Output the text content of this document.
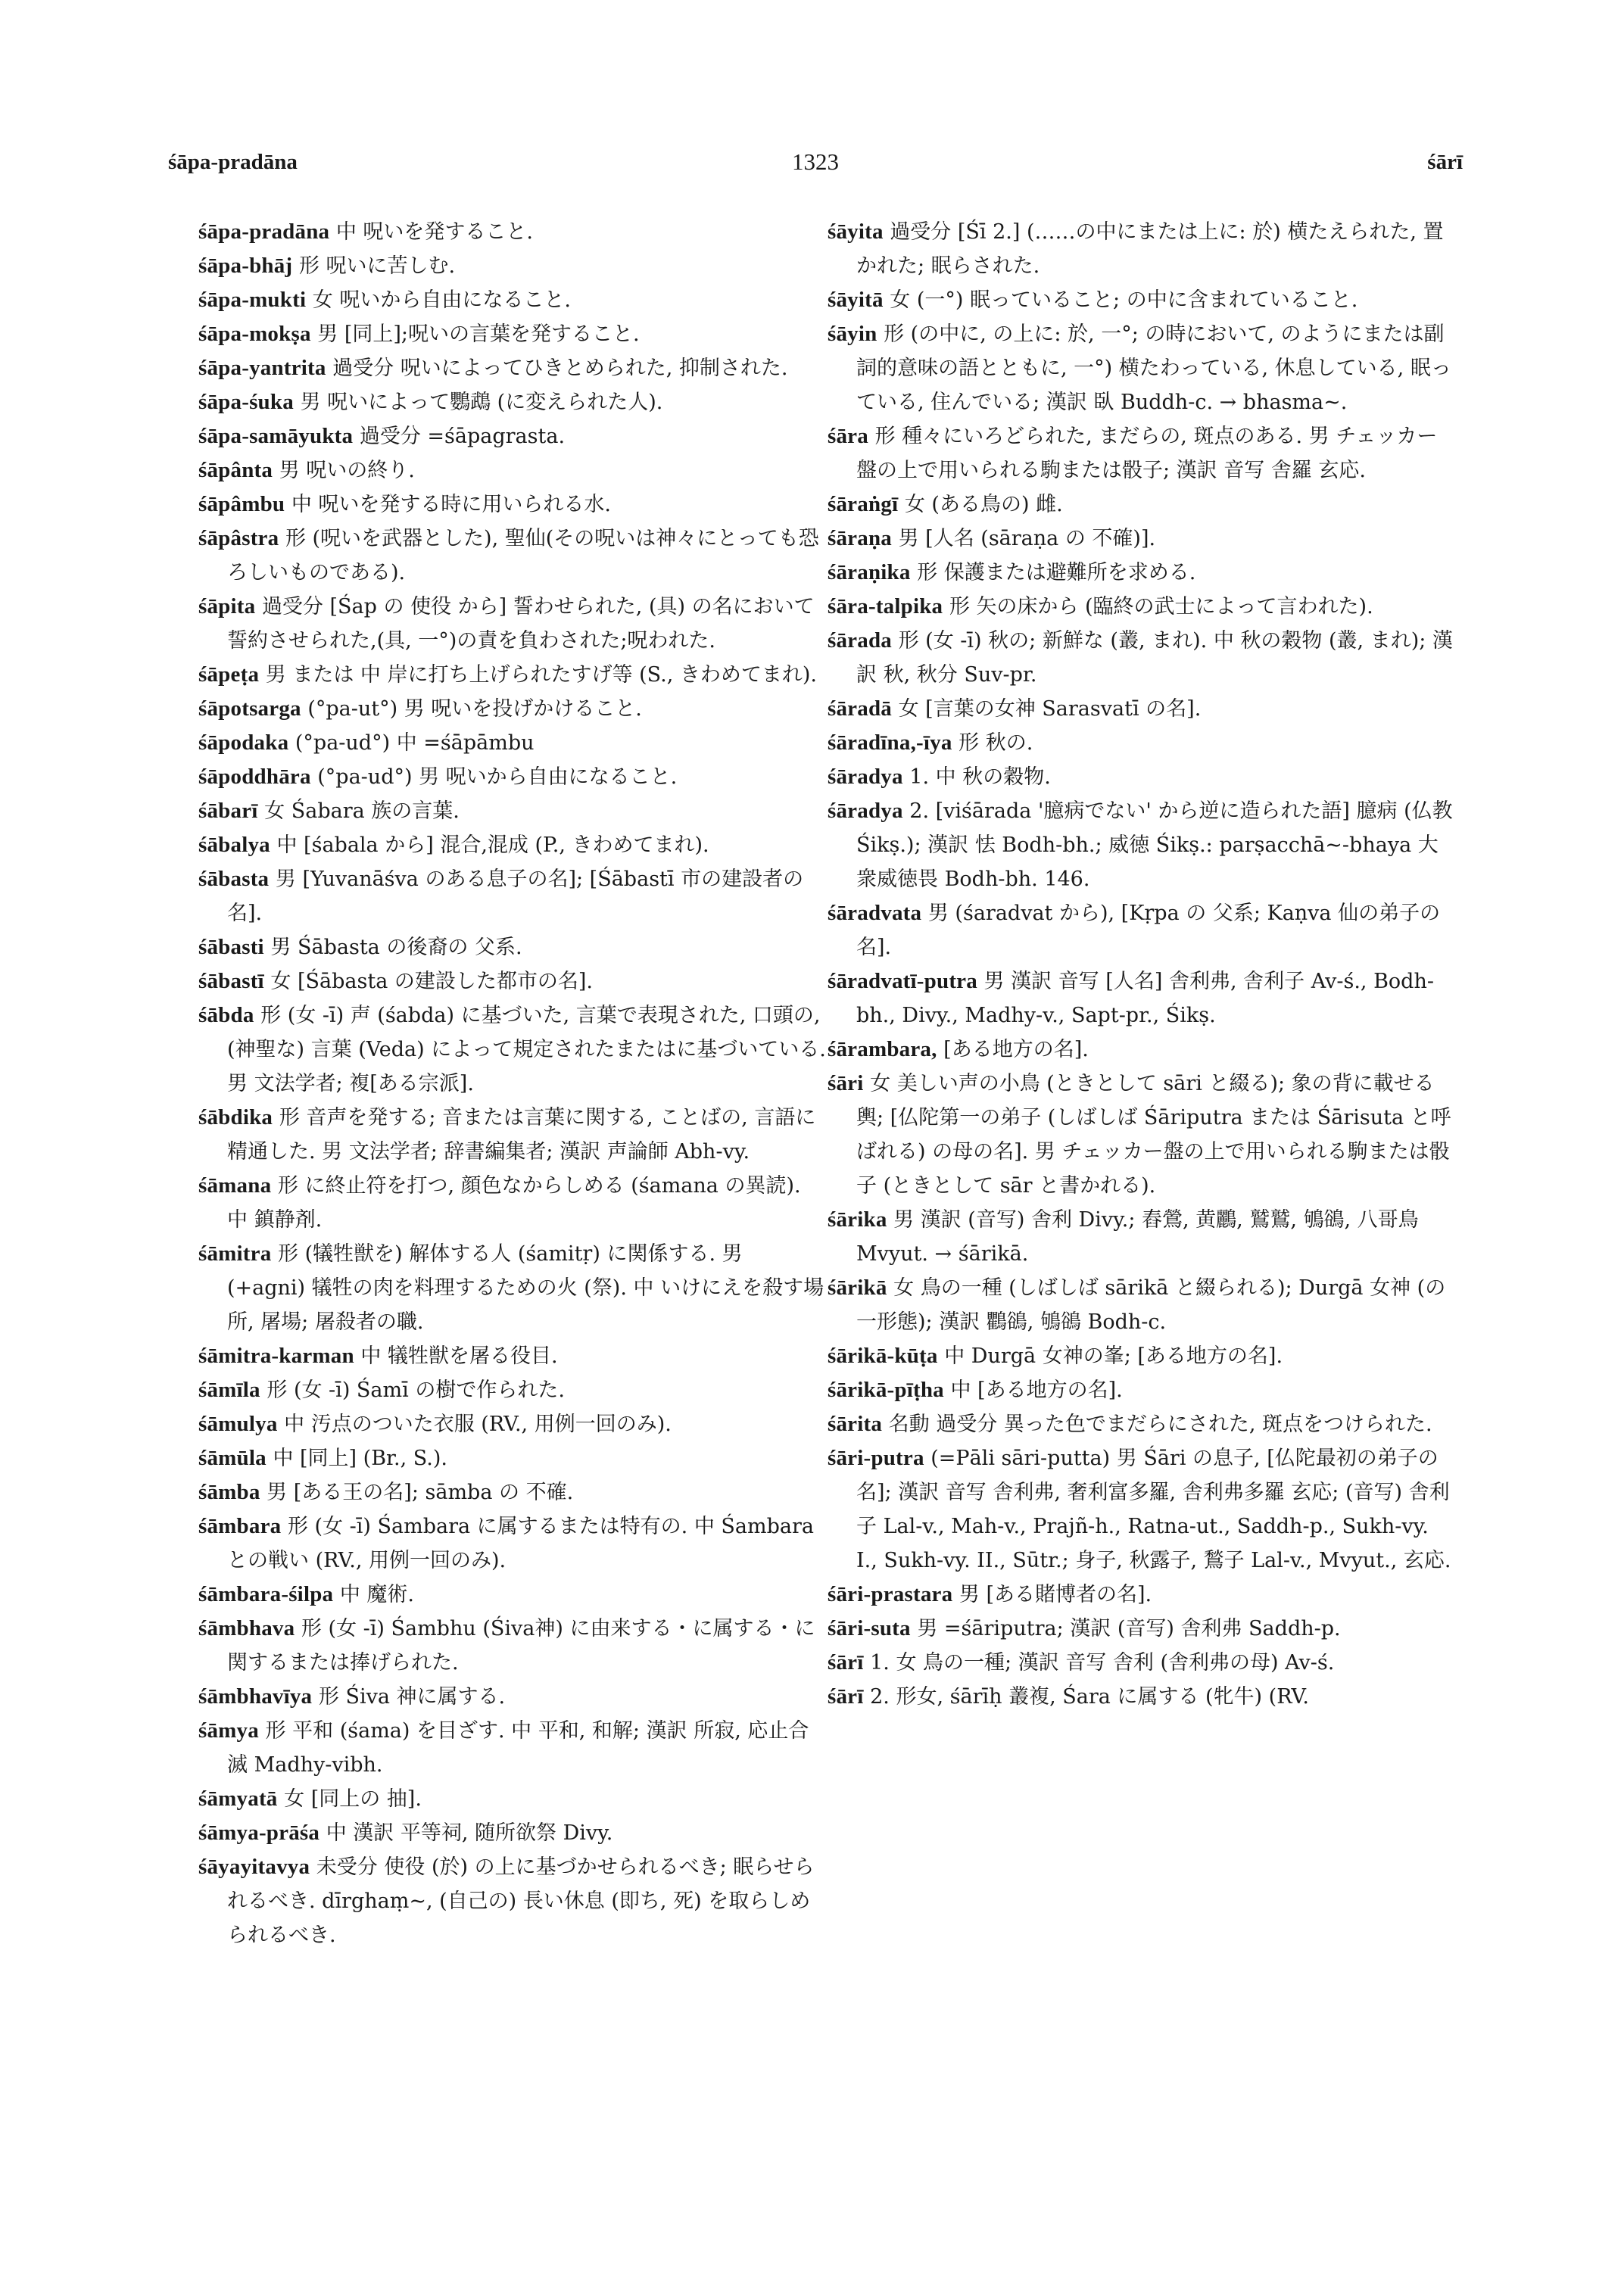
śāpa-pradāna	1323	śārī

śāpa-pradāna 中 呪いを発すること.

śāpa-bhāj 形 呪いに苦しむ.

śāpa-mukti 女 呪いから自由になること.

śāpa-mokṣa 男 [同上];呪いの言葉を発すること.

śāpa-yantrita 過受分 呪いによってひきとめられた, 抑制された.

śāpa-śuka 男 呪いによって鸚鵡 (に変えられた人).

śāpa-samāyukta 過受分 =śāpagrasta.

śāpânta 男 呪いの終り.

śāpâmbu 中 呪いを発する時に用いられる水.

śāpâstra 形 (呪いを武器とした), 聖仙(その呪いは神々にとっても恐ろしいものである).

śāpita 過受分 [Śap の 使役 から] 誓わせられた, (具) の名において誓約させられた,(具, 一°)の責を負わされた;呪われた.

śāpeṭa 男 または 中 岸に打ち上げられたすげ等 (S., きわめてまれ).

śāpotsarga (°pa-ut°) 男 呪いを投げかけること.

śāpodaka (°pa-ud°) 中 =śāpāmbu

śāpoddhāra (°pa-ud°) 男 呪いから自由になること.

śābarī 女 Śabara 族の言葉.

śābalya 中 [śabala から] 混合,混成 (P., きわめてまれ).

śābasta 男 [Yuvanāśva のある息子の名]; [Śābastī 市の建設者の名].

śābasti 男 Śābasta の後裔の 父系.

śābastī 女 [Śābasta の建設した都市の名].

śābda 形 (女 -ī) 声 (śabda) に基づいた, 言葉で表現された, 口頭の, (神聖な) 言葉 (Veda) によって規定されたまたはに基づいている. 男 文法学者; 複[ある宗派].

śābdika 形 音声を発する; 音または言葉に関する, ことばの, 言語に精通した. 男 文法学者; 辞書編集者; 漢訳 声論師 Abh-vy.

śāmana 形 に終止符を打つ, 顔色なからしめる (śamana の異読). 中 鎮静剤.

śāmitra 形 (犠牲獣を) 解体する人 (śamitṛ) に関係する. 男 (+agni) 犠牲の肉を料理するための火 (祭). 中 いけにえを殺す場所, 屠場; 屠殺者の職.

śāmitra-karman 中 犠牲獣を屠る役目.

śāmīla 形 (女 -ī) Śamī の樹で作られた.

śāmulya 中 汚点のついた衣服 (RV., 用例一回のみ).

śāmūla 中 [同上] (Br., S.).

śāmba 男 [ある王の名]; sāmba の 不確.

śāmbara 形 (女 -ī) Śambara に属するまたは特有の. 中 Śambara との戦い (RV., 用例一回のみ).

śāmbara-śilpa 中 魔術.

śāmbhava 形 (女 -ī) Śambhu (Śiva神) に由来する・に属する・に関するまたは捧げられた.

śāmbhavīya 形 Śiva 神に属する.

śāmya 形 平和 (śama) を目ざす. 中 平和, 和解; 漢訳 所寂, 応止合滅 Madhy-vibh.

śāmyatā 女 [同上の 抽].

śāmya-prāśa 中 漢訳 平等祠, 随所欲祭 Divy.

śāyayitavya 未受分 使役 (於) の上に基づかせられるべき; 眠らせられるべき. dīrghaṃ~, (自己の) 長い休息 (即ち, 死) を取らしめられるべき.

śāyita 過受分 [Śī 2.] (……の中にまたは上に: 於) 横たえられた, 置かれた; 眠らされた.

śāyitā 女 (一°) 眠っていること; の中に含まれていること.

śāyin 形 (の中に, の上に: 於, 一°; の時において, のようにまたは副詞的意味の語とともに, 一°) 横たわっている, 休息している, 眠っている, 住んでいる; 漢訳 臥 Buddh-c. → bhasma~.

śāra 形 種々にいろどられた, まだらの, 斑点のある. 男 チェッカー盤の上で用いられる駒または骰子; 漢訳 音写 舎羅 玄応.

śāraṅgī 女 (ある鳥の) 雌.

śāraṇa 男 [人名 (sāraṇa の 不確)].

śāraṇika 形 保護または避難所を求める.

śāra-talpika 形 矢の床から (臨終の武士によって言われた).

śārada 形 (女 -ī) 秋の; 新鮮な (叢, まれ). 中 秋の穀物 (叢, まれ); 漢訳 秋, 秋分 Suv-pr.

śāradā 女 [言葉の女神 Sarasvatī の名].

śāradīna,-īya 形 秋の.

śāradya 1. 中 秋の穀物.

śāradya 2. [viśārada '臆病でない' から逆に造られた語] 臆病 (仏教 Śikṣ.); 漢訳 怯 Bodh-bh.; 威徳 Śikṣ.: parṣacchā~-bhaya 大衆威徳畏 Bodh-bh. 146.

śāradvata 男 (śaradvat から), [Kṛpa の 父系; Kaṇva 仙の弟子の名].

śāradvatī-putra 男 漢訳 音写 [人名] 舎利弗, 舎利子 Av-ś., Bodh-bh., Divy., Madhy-v., Sapt-pr., Śikṣ.

śārambara, [ある地方の名].

śāri 女 美しい声の小鳥 (ときとして sāri と綴る); 象の背に載せる輿; [仏陀第一の弟子 (しばしば Śāriputra または Śārisuta と呼ばれる) の母の名]. 男 チェッカー盤の上で用いられる駒または骰子 (ときとして sār と書かれる).

śārika 男 漢訳 (音写) 舎利 Divy.; 舂鶯, 黄鸝, 鷲鷲, 鴝鵒, 八哥鳥 Mvyut. → śārikā.

śārikā 女 鳥の一種 (しばしば sārikā と綴られる); Durgā 女神 (の一形態); 漢訳 鸜鵒, 鴝鵒 Bodh-c.

śārikā-kūṭa 中 Durgā 女神の峯; [ある地方の名].

śārikā-pīṭha 中 [ある地方の名].

śārita 名動 過受分 異った色でまだらにされた, 斑点をつけられた.

śāri-putra (=Pāli sāri-putta) 男 Śāri の息子, [仏陀最初の弟子の名]; 漢訳 音写 舎利弗, 奢利富多羅, 舎利弗多羅 玄応; (音写) 舎利子 Lal-v., Mah-v., Prajñ-h., Ratna-ut., Saddh-p., Sukh-vy. I., Sukh-vy. II., Sūtr.; 身子, 秋露子, 鶖子 Lal-v., Mvyut., 玄応.

śāri-prastara 男 [ある賭博者の名].

śāri-suta 男 =śāriputra; 漢訳 (音写) 舎利弗 Saddh-p.

śārī 1. 女 鳥の一種; 漢訳 音写 舎利 (舎利弗の母) Av-ś.

śārī 2. 形女, śārīḥ 叢複, Śara に属する (牝牛) (RV.
